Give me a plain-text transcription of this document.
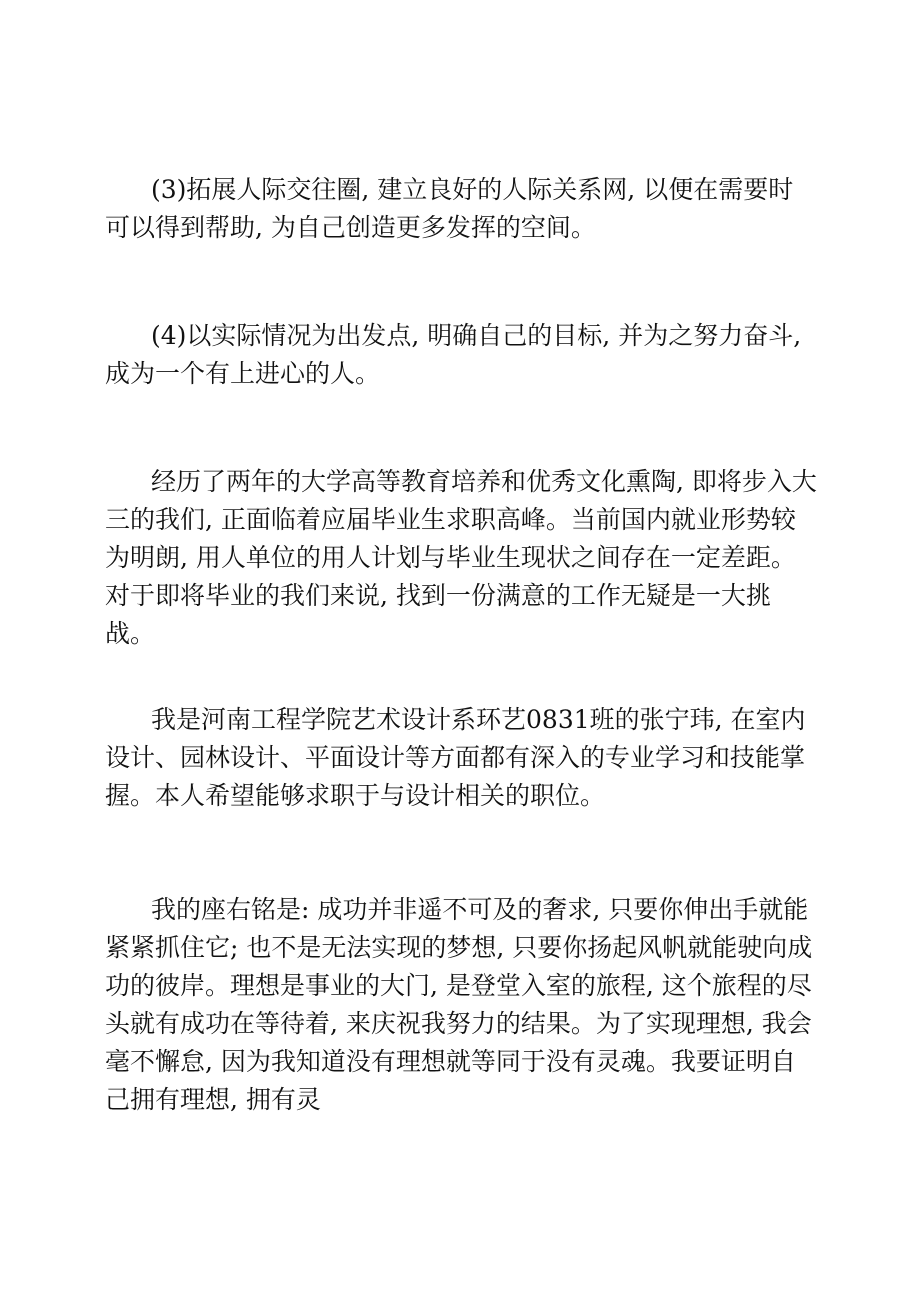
(3)拓展人际交往圈, 建立良好的人际关系网, 以便在需要时可以得到帮助, 为自己创造更多发挥的空间。

(4)以实际情况为出发点, 明确自己的目标, 并为之努力奋斗, 成为一个有上进心的人。

经历了两年的大学高等教育培养和优秀文化熏陶, 即将步入大三的我们, 正面临着应届毕业生求职高峰。当前国内就业形势较为明朗, 用人单位的用人计划与毕业生现状之间存在一定差距。对于即将毕业的我们来说, 找到一份满意的工作无疑是一大挑战。

我是河南工程学院艺术设计系环艺0831班的张宁玮, 在室内设计、园林设计、平面设计等方面都有深入的专业学习和技能掌握。本人希望能够求职于与设计相关的职位。

我的座右铭是: 成功并非遥不可及的奢求, 只要你伸出手就能紧紧抓住它; 也不是无法实现的梦想, 只要你扬起风帆就能驶向成功的彼岸。理想是事业的大门, 是登堂入室的旅程, 这个旅程的尽头就有成功在等待着, 来庆祝我努力的结果。为了实现理想, 我会毫不懈怠, 因为我知道没有理想就等同于没有灵魂。我要证明自己拥有理想, 拥有灵
